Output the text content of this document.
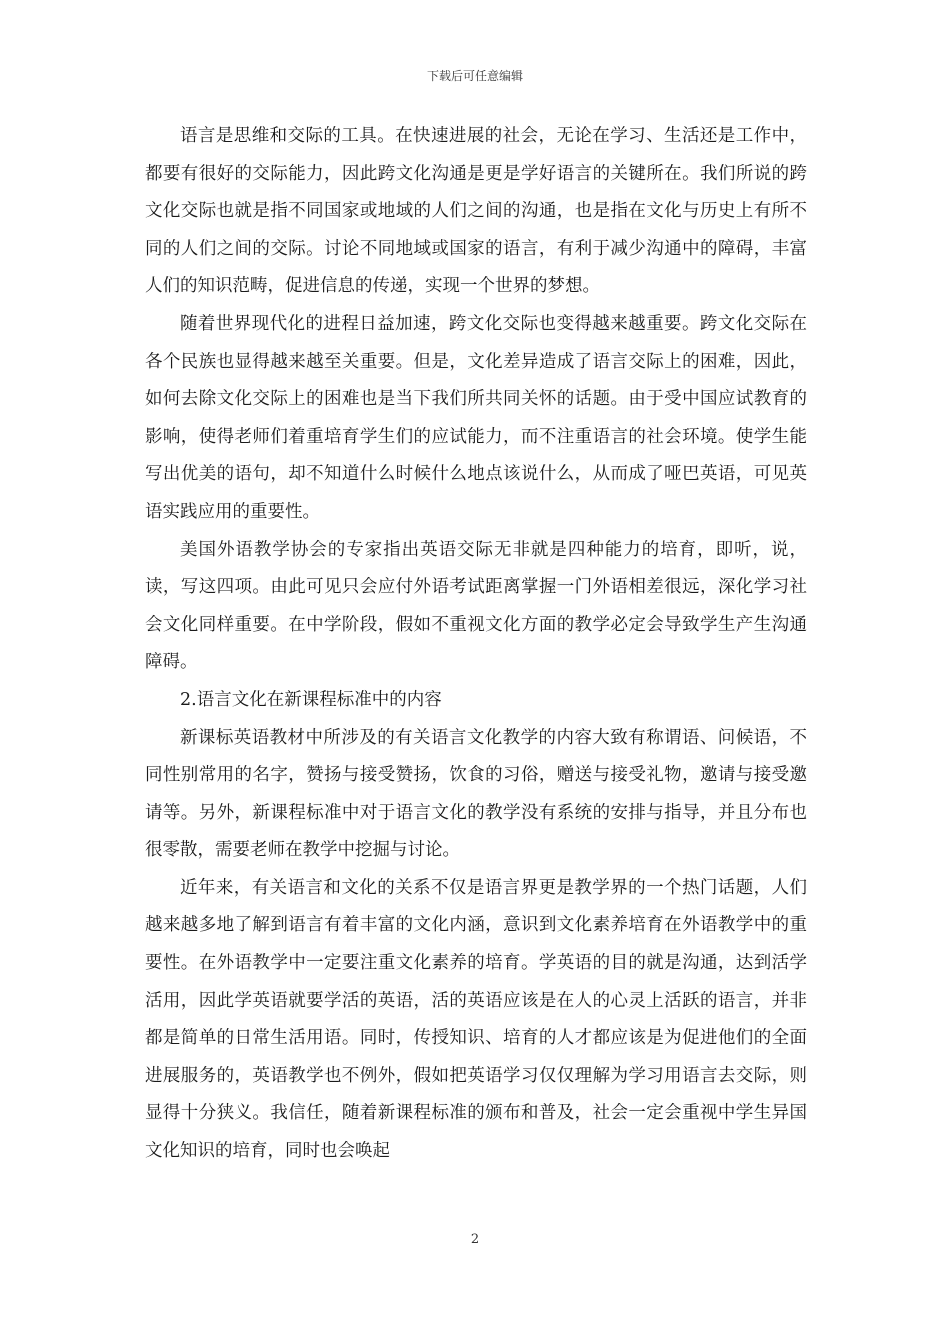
下载后可任意编辑

语言是思维和交际的工具。在快速进展的社会，无论在学习、生活还是工作中，都要有很好的交际能力，因此跨文化沟通是更是学好语言的关键所在。我们所说的跨文化交际也就是指不同国家或地域的人们之间的沟通，也是指在文化与历史上有所不同的人们之间的交际。讨论不同地域或国家的语言，有利于减少沟通中的障碍，丰富人们的知识范畴，促进信息的传递，实现一个世界的梦想。

随着世界现代化的进程日益加速，跨文化交际也变得越来越重要。跨文化交际在各个民族也显得越来越至关重要。但是，文化差异造成了语言交际上的困难，因此，如何去除文化交际上的困难也是当下我们所共同关怀的话题。由于受中国应试教育的影响，使得老师们着重培育学生们的应试能力，而不注重语言的社会环境。使学生能写出优美的语句，却不知道什么时候什么地点该说什么，从而成了哑巴英语，可见英语实践应用的重要性。

美国外语教学协会的专家指出英语交际无非就是四种能力的培育，即听，说，读，写这四项。由此可见只会应付外语考试距离掌握一门外语相差很远，深化学习社会文化同样重要。在中学阶段，假如不重视文化方面的教学必定会导致学生产生沟通障碍。

2.语言文化在新课程标准中的内容

新课标英语教材中所涉及的有关语言文化教学的内容大致有称谓语、问候语，不同性别常用的名字，赞扬与接受赞扬，饮食的习俗，赠送与接受礼物，邀请与接受邀请等。另外，新课程标准中对于语言文化的教学没有系统的安排与指导，并且分布也很零散，需要老师在教学中挖掘与讨论。

近年来，有关语言和文化的关系不仅是语言界更是教学界的一个热门话题，人们越来越多地了解到语言有着丰富的文化内涵，意识到文化素养培育在外语教学中的重要性。在外语教学中一定要注重文化素养的培育。学英语的目的就是沟通，达到活学活用，因此学英语就要学活的英语，活的英语应该是在人的心灵上活跃的语言，并非都是简单的日常生活用语。同时，传授知识、培育的人才都应该是为促进他们的全面进展服务的，英语教学也不例外，假如把英语学习仅仅理解为学习用语言去交际，则显得十分狭义。我信任，随着新课程标准的颁布和普及，社会一定会重视中学生异国文化知识的培育，同时也会唤起

2
